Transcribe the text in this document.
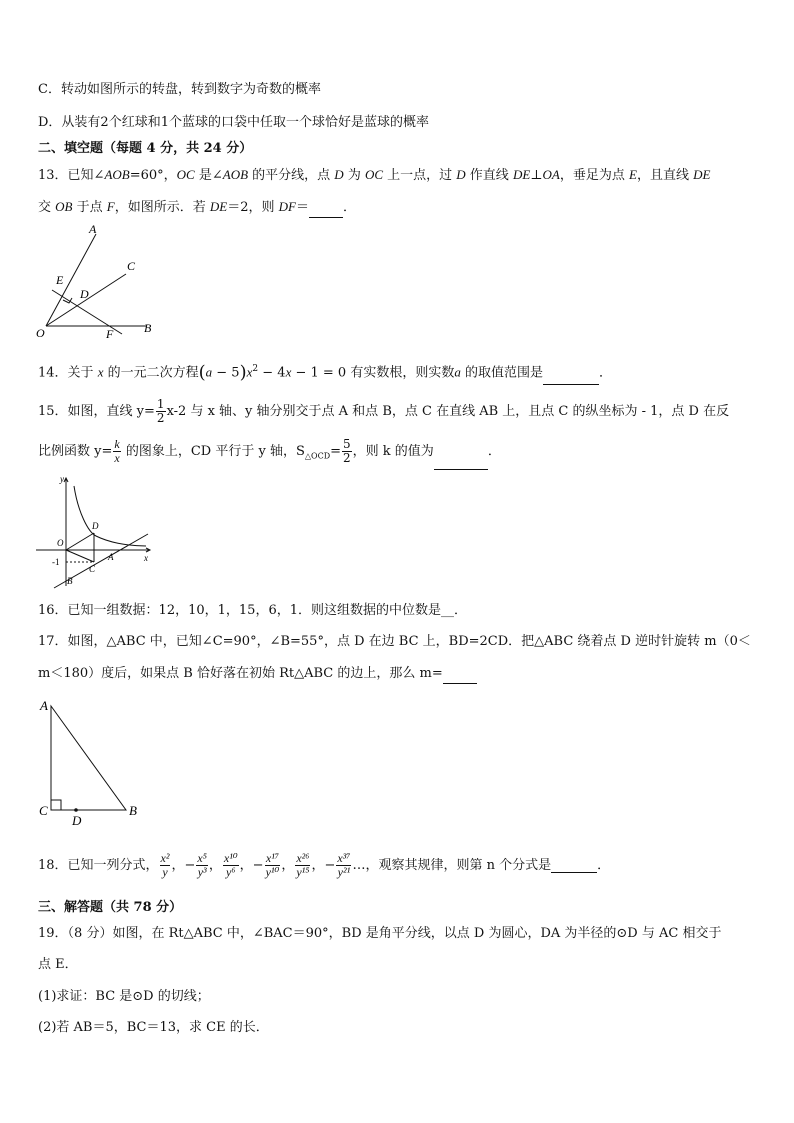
C．转动如图所示的转盘，转到数字为奇数的概率
D．从装有2个红球和1个蓝球的口袋中任取一个球恰好是蓝球的概率
二、填空题（每题 4 分，共 24 分）
13．已知∠AOB=60°，OC 是∠AOB 的平分线，点 D 为 OC 上一点，过 D 作直线 DE⊥OA，垂足为点 E，且直线 DE
交 OB 于点 F，如图所示．若 DE＝2，则 DF＝	．
A
C
E
D
O	F	B
14．关于 x 的一元二次方程$(a - 5)x^2 - 4x - 1 = 0$ 有实数根，则实数a 的取值范围是	．
15．如图，直线 $y= \frac{1}{2} x-2$ 与 x 轴、y 轴分别交于点 A 和点 B，点 C 在直线 AB 上，且点 C 的纵坐标为 - 1，点 D 在反
比例函数 $y= \frac{k}{x}$ 的图象上，CD 平行于 y 轴，$S_{\triangle OCD}= \frac{5}{2}$ ，则 k 的值为	．
y
x
O
D
-1
C
A
B
16．已知一组数据：12，10，1，15，6，1．则这组数据的中位数是__．
17．如图，△ABC 中，已知∠C=90°，∠B=55°，点 D 在边 BC 上，BD=2CD．把△ABC 绕着点 D 逆时针旋转 m（0＜
m＜180）度后，如果点 B 恰好落在初始 Rt△ABC 的边上，那么 m=
A
C
D
B
18．已知一列分式， $\frac{\text{x²}}{y}$ ，− $\frac{\text{x⁵}}{\text{y³}}$ ， $\frac{\text{x¹⁰}}{\text{y⁶}}$ ，− $\frac{\text{x¹⁷}}{\text{y¹⁰}}$ ， $\frac{\text{x²⁶}}{\text{y¹⁵}}$ ，− $\frac{\text{x³⁷}}{\text{y²¹}}$ …，观察其规律，则第 n 个分式是	．
三、解答题（共 78 分）
19．（8 分）如图，在 Rt△ABC 中，∠BAC＝90°，BD 是角平分线，以点 D 为圆心，DA 为半径的⊙D 与 AC 相交于
点 E．
(1)求证：BC 是⊙D 的切线；
(2)若 AB＝5，BC＝13，求 CE 的长．
